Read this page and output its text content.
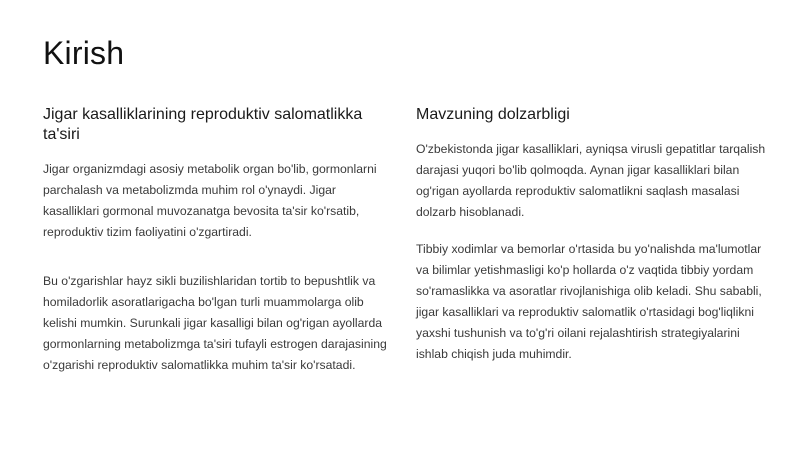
Kirish
Jigar kasalliklarining reproduktiv salomatlikka ta'siri

Jigar organizmdagi asosiy metabolik organ bo'lib, gormonlarni parchalash va metabolizmda muhim rol o'ynaydi. Jigar kasalliklari gormonal muvozanatga bevosita ta'sir ko'rsatib, reproduktiv tizim faoliyatini o'zgartiradi.

Bu o'zgarishlar hayz sikli buzilishlaridan tortib to bepushtlik va homiladorlik asoratlarigacha bo'lgan turli muammolarga olib kelishi mumkin. Surunkali jigar kasalligi bilan og'rigan ayollarda gormonlarning metabolizmga ta'siri tufayli estrogen darajasining o'zgarishi reproduktiv salomatlikka muhim ta'sir ko'rsatadi.

Mavzuning dolzarbligi

O'zbekistonda jigar kasalliklari, ayniqsa virusli gepatitlar tarqalish darajasi yuqori bo'lib qolmoqda. Aynan jigar kasalliklari bilan og'rigan ayollarda reproduktiv salomatlikni saqlash masalasi dolzarb hisoblanadi.

Tibbiy xodimlar va bemorlar o'rtasida bu yo'nalishda ma'lumotlar va bilimlar yetishmasligi ko'p hollarda o'z vaqtida tibbiy yordam so'ramaslikka va asoratlar rivojlanishiga olib keladi. Shu sababli, jigar kasalliklari va reproduktiv salomatlik o'rtasidagi bog'liqlikni yaxshi tushunish va to'g'ri oilani rejalashtirish strategiyalarini ishlab chiqish juda muhimdir.
